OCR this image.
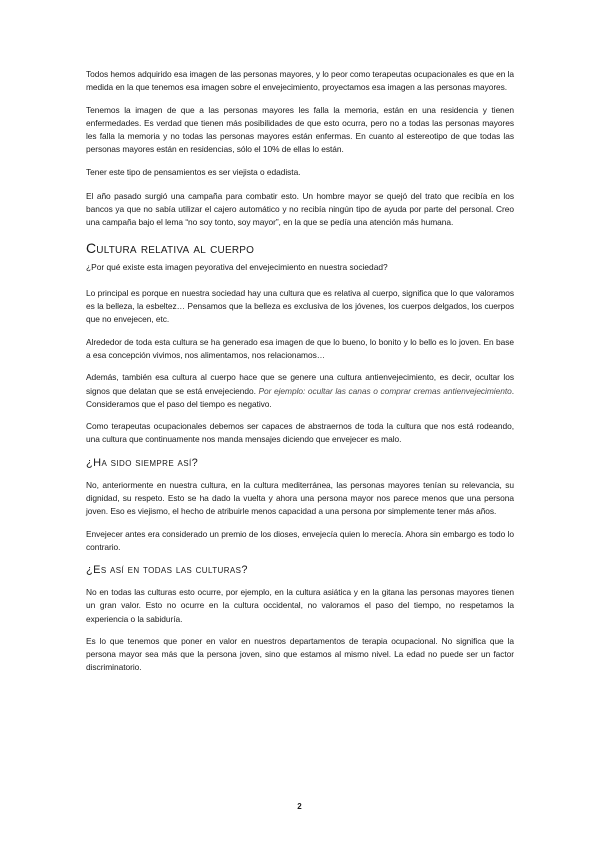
Todos hemos adquirido esa imagen de las personas mayores, y lo peor como terapeutas ocupacionales es que en la medida en la que tenemos esa imagen sobre el envejecimiento, proyectamos esa imagen a las personas mayores.

Tenemos la imagen de que a las personas mayores les falla la memoria, están en una residencia y tienen enfermedades. Es verdad que tienen más posibilidades de que esto ocurra, pero no a todas las personas mayores les falla la memoria y no todas las personas mayores están enfermas. En cuanto al estereotipo de que todas las personas mayores están en residencias, sólo el 10% de ellas lo están.

Tener este tipo de pensamientos es ser viejista o edadista.

El año pasado surgió una campaña para combatir esto. Un hombre mayor se quejó del trato que recibía en los bancos ya que no sabía utilizar el cajero automático y no recibía ningún tipo de ayuda por parte del personal. Creo una campaña bajo el lema “no soy tonto, soy mayor”, en la que se pedía una atención más humana.

Cultura relativa al cuerpo

¿Por qué existe esta imagen peyorativa del envejecimiento en nuestra sociedad?

Lo principal es porque en nuestra sociedad hay una cultura que es relativa al cuerpo, significa que lo que valoramos es la belleza, la esbeltez… Pensamos que la belleza es exclusiva de los jóvenes, los cuerpos delgados, los cuerpos que no envejecen, etc.

Alrededor de toda esta cultura se ha generado esa imagen de que lo bueno, lo bonito y lo bello es lo joven. En base a esa concepción vivimos, nos alimentamos, nos relacionamos…

Además, también esa cultura al cuerpo hace que se genere una cultura antienvejecimiento, es decir, ocultar los signos que delatan que se está envejeciendo. Por ejemplo: ocultar las canas o comprar cremas antienvejecimiento. Consideramos que el paso del tiempo es negativo.

Como terapeutas ocupacionales debemos ser capaces de abstraernos de toda la cultura que nos está rodeando, una cultura que continuamente nos manda mensajes diciendo que envejecer es malo.

¿Ha sido siempre así?

No, anteriormente en nuestra cultura, en la cultura mediterránea, las personas mayores tenían su relevancia, su dignidad, su respeto. Esto se ha dado la vuelta y ahora una persona mayor nos parece menos que una persona joven. Eso es viejismo, el hecho de atribuirle menos capacidad a una persona por simplemente tener más años.

Envejecer antes era considerado un premio de los dioses, envejecía quien lo merecía. Ahora sin embargo es todo lo contrario.

¿Es así en todas las culturas?

No en todas las culturas esto ocurre, por ejemplo, en la cultura asiática y en la gitana las personas mayores tienen un gran valor. Esto no ocurre en la cultura occidental, no valoramos el paso del tiempo, no respetamos la experiencia o la sabiduría.

Es lo que tenemos que poner en valor en nuestros departamentos de terapia ocupacional. No significa que la persona mayor sea más que la persona joven, sino que estamos al mismo nivel. La edad no puede ser un factor discriminatorio.

2
